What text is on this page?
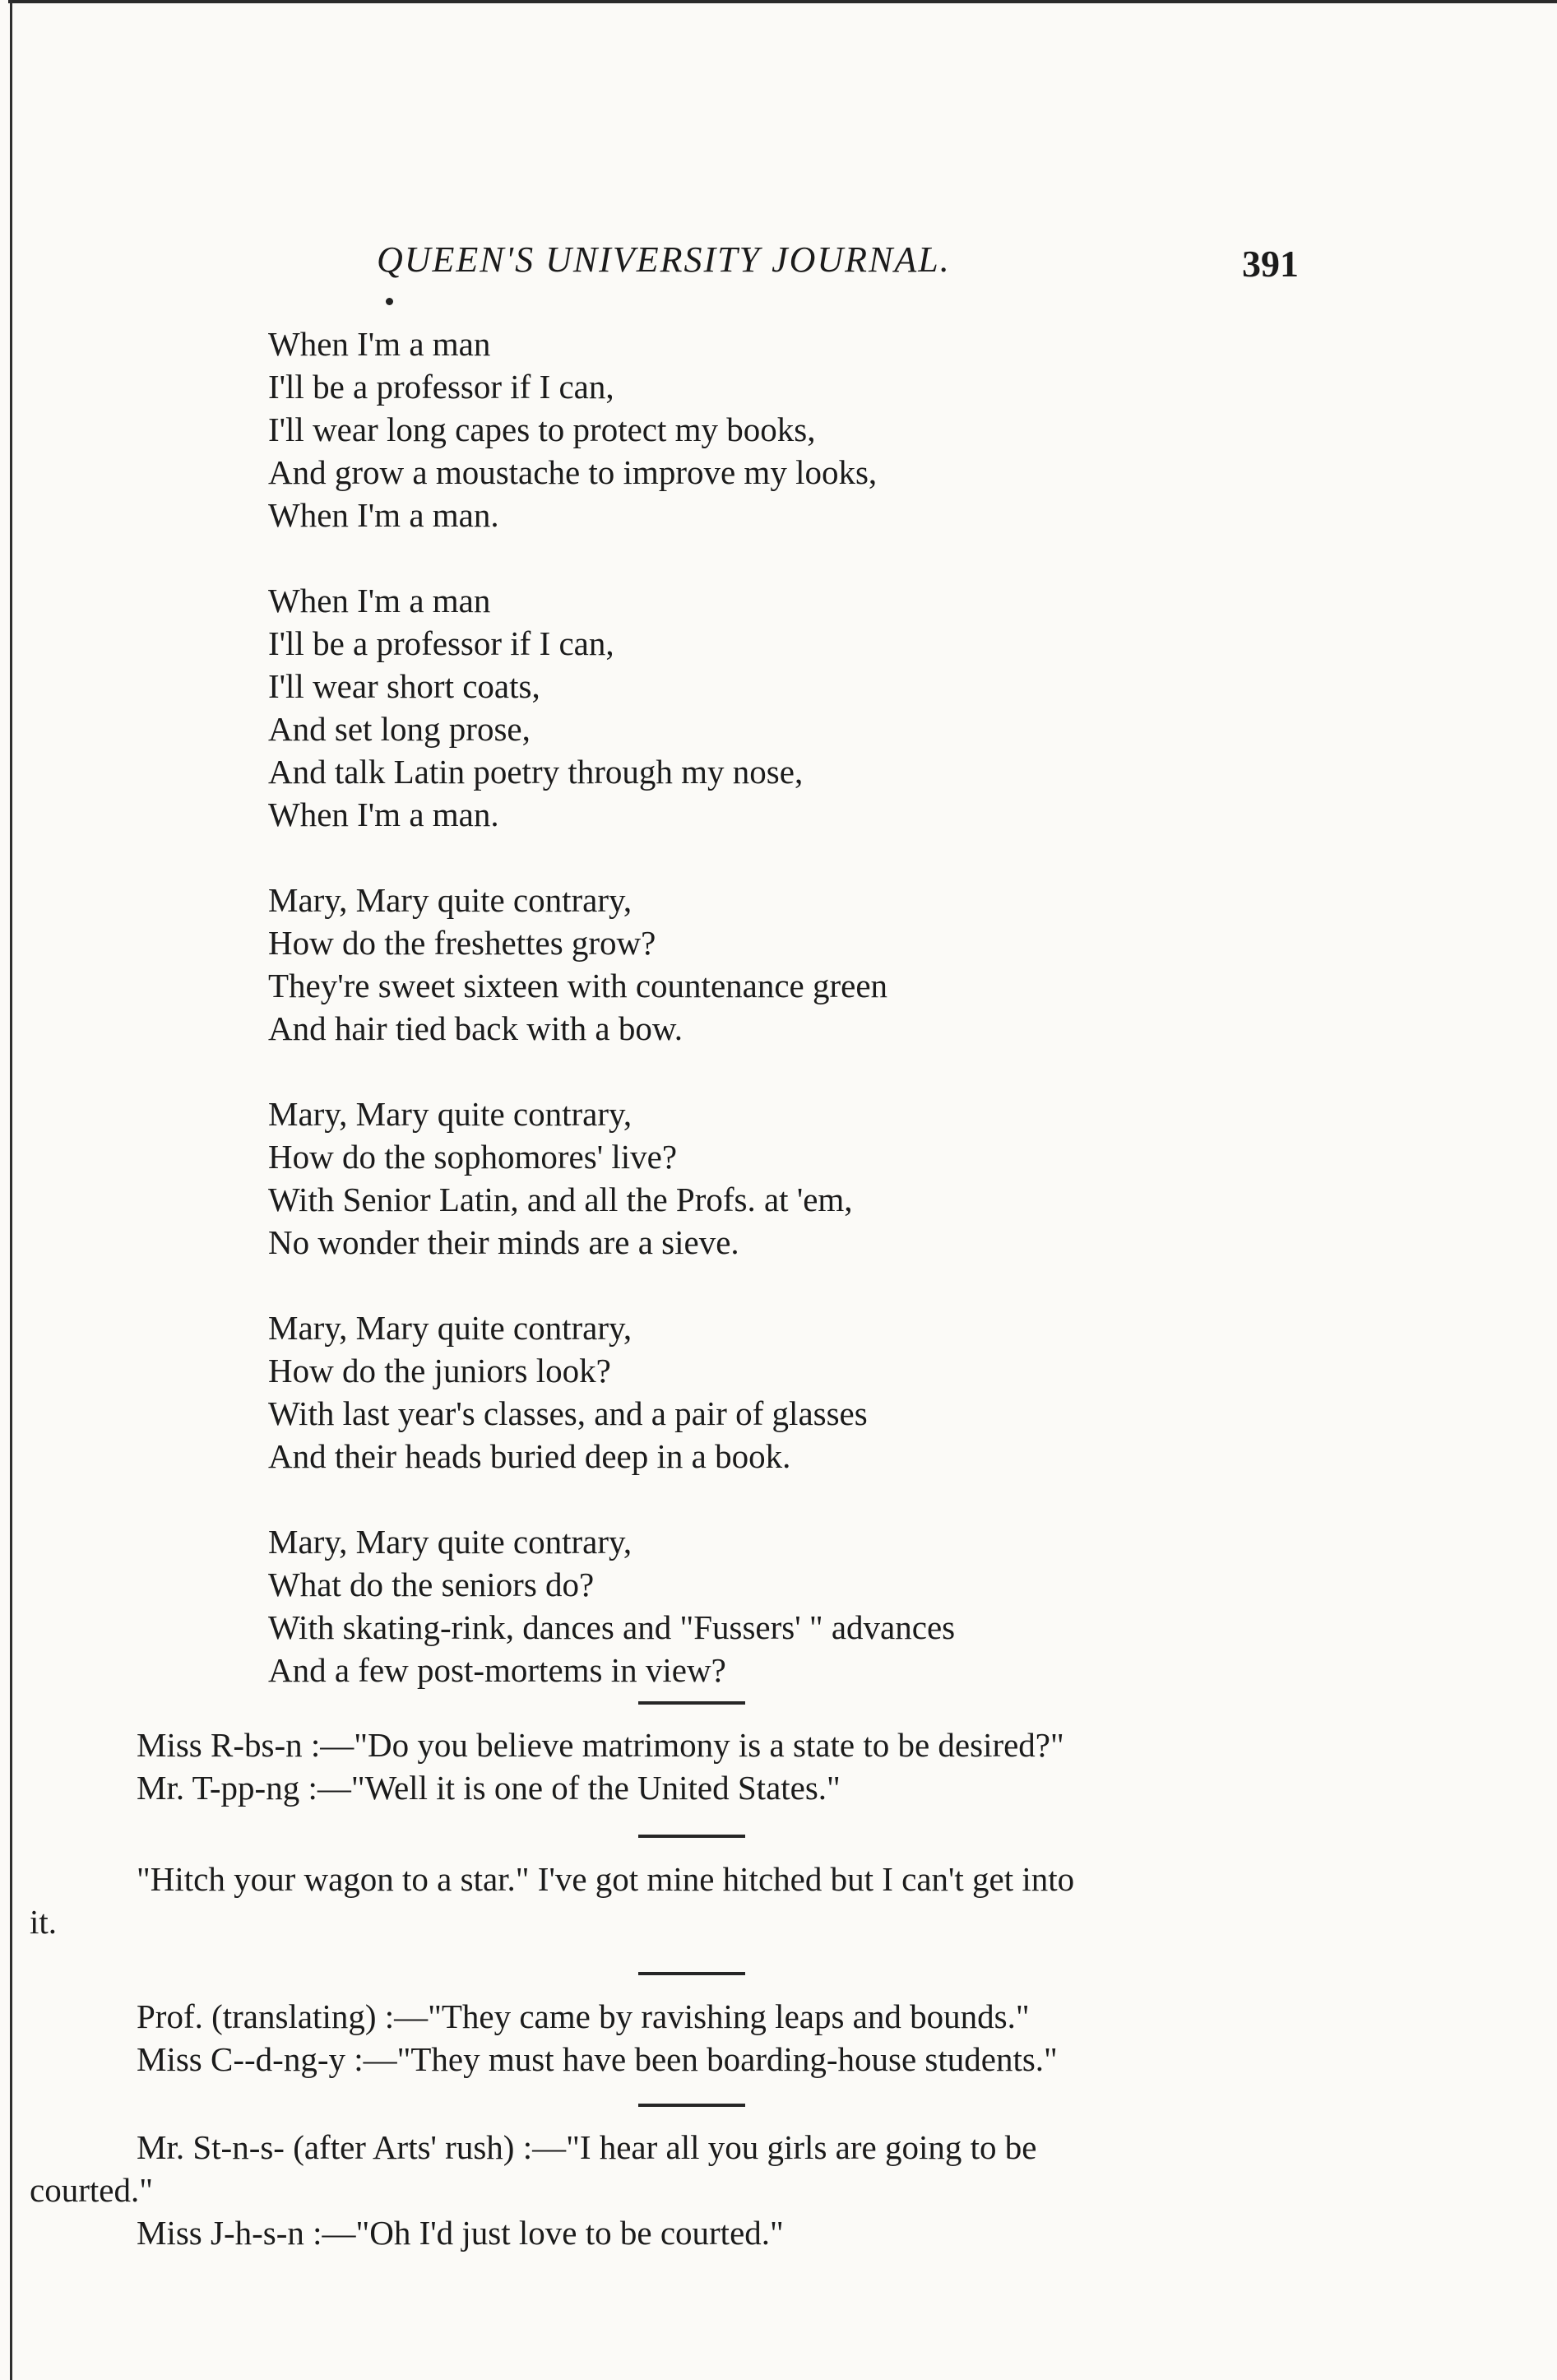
QUEEN'S UNIVERSITY JOURNAL.	391
When I'm a man
I'll be a professor if I can,
I'll wear long capes to protect my books,
And grow a moustache to improve my looks,
When I'm a man.
When I'm a man
I'll be a professor if I can,
I'll wear short coats,
And set long prose,
And talk Latin poetry through my nose,
When I'm a man.
Mary, Mary quite contrary,
How do the freshettes grow?
They're sweet sixteen with countenance green
And hair tied back with a bow.
Mary, Mary quite contrary,
How do the sophomores' live?
With Senior Latin, and all the Profs. at 'em,
No wonder their minds are a sieve.
Mary, Mary quite contrary,
How do the juniors look?
With last year's classes, and a pair of glasses
And their heads buried deep in a book.
Mary, Mary quite contrary,
What do the seniors do?
With skating-rink, dances and "Fussers' " advances
And a few post-mortems in view?
Miss R-bs-n :—"Do you believe matrimony is a state to be desired?"
Mr. T-pp-ng :—"Well it is one of the United States."
"Hitch your wagon to a star." I've got mine hitched but I can't get into
it.
Prof. (translating) :—"They came by ravishing leaps and bounds."
Miss C--d-ng-y :—"They must have been boarding-house students."
Mr. St-n-s- (after Arts' rush) :—"I hear all you girls are going to be
courted."
Miss J-h-s-n :—"Oh I'd just love to be courted."
